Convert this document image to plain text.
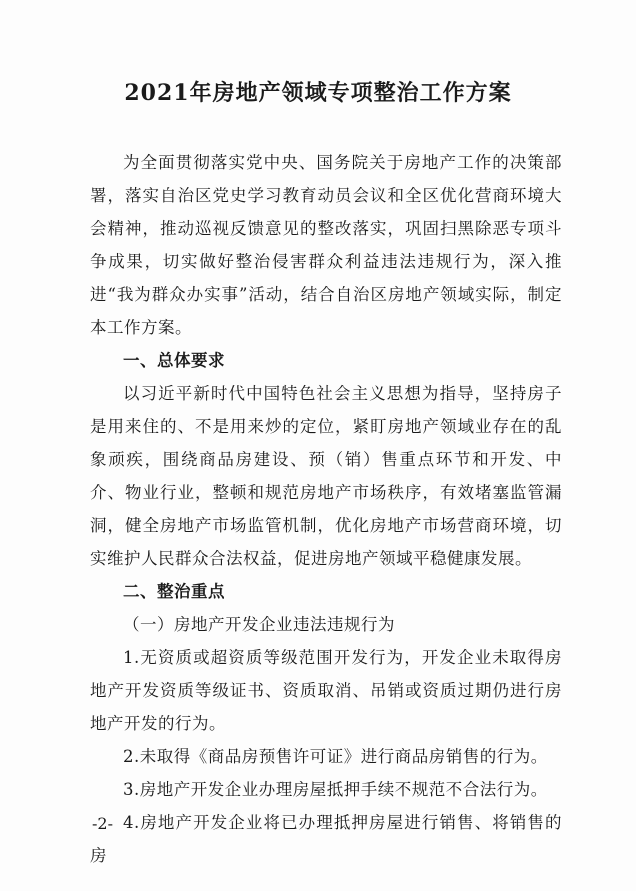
2021年房地产领域专项整治工作方案

为全面贯彻落实党中央、国务院关于房地产工作的决策部署，落实自治区党史学习教育动员会议和全区优化营商环境大会精神，推动巡视反馈意见的整改落实，巩固扫黑除恶专项斗争成果，切实做好整治侵害群众利益违法违规行为，深入推进“我为群众办实事”活动，结合自治区房地产领域实际，制定本工作方案。

一、总体要求

以习近平新时代中国特色社会主义思想为指导，坚持房子是用来住的、不是用来炒的定位，紧盯房地产领域业存在的乱象顽疾，围绕商品房建设、预（销）售重点环节和开发、中介、物业行业，整顿和规范房地产市场秩序，有效堵塞监管漏洞，健全房地产市场监管机制，优化房地产市场营商环境，切实维护人民群众合法权益，促进房地产领域平稳健康发展。

二、整治重点

（一）房地产开发企业违法违规行为

1.无资质或超资质等级范围开发行为，开发企业未取得房地产开发资质等级证书、资质取消、吊销或资质过期仍进行房地产开发的行为。

2.未取得《商品房预售许可证》进行商品房销售的行为。

3.房地产开发企业办理房屋抵押手续不规范不合法行为。

4.房地产开发企业将已办理抵押房屋进行销售、将销售的房

-2-
